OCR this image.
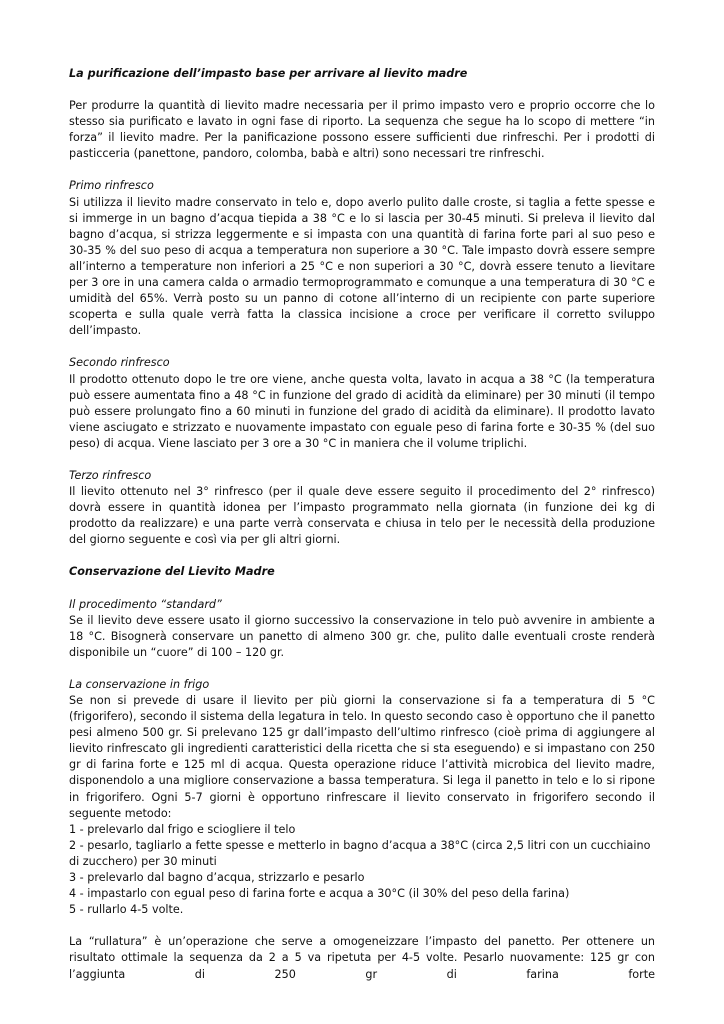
La purificazione dell’impasto base per arrivare al lievito madre

Per produrre la quantità di lievito madre necessaria per il primo impasto vero e proprio occorre che lo stesso sia purificato e lavato in ogni fase di riporto. La sequenza che segue ha lo scopo di mettere “in forza” il lievito madre. Per la panificazione possono essere sufficienti due rinfreschi. Per i prodotti di pasticceria (panettone, pandoro, colomba, babà e altri) sono necessari tre rinfreschi.

Primo rinfresco

Si utilizza il lievito madre conservato in telo e, dopo averlo pulito dalle croste, si taglia a fette spesse e si immerge in un bagno d’acqua tiepida a 38 °C e lo si lascia per 30-45 minuti. Si preleva il lievito dal bagno d’acqua, si strizza leggermente e si impasta con una quantità di farina forte pari al suo peso e 30-35 % del suo peso di acqua a temperatura non superiore a 30 °C. Tale impasto dovrà essere sempre all’interno a temperature non inferiori a 25 °C e non superiori a 30 °C, dovrà essere tenuto a lievitare per 3 ore in una camera calda o armadio termoprogrammato e comunque a una temperatura di 30 °C e umidità del 65%. Verrà posto su un panno di cotone all’interno di un recipiente con parte superiore scoperta e sulla quale verrà fatta la classica incisione a croce per verificare il corretto sviluppo dell’impasto.

Secondo rinfresco

Il prodotto ottenuto dopo le tre ore viene, anche questa volta, lavato in acqua a 38 °C (la temperatura può essere aumentata fino a 48 °C in funzione del grado di acidità da eliminare) per 30 minuti (il tempo può essere prolungato fino a 60 minuti in funzione del grado di acidità da eliminare). Il prodotto lavato viene asciugato e strizzato e nuovamente impastato con eguale peso di farina forte e 30-35 % (del suo peso) di acqua. Viene lasciato per 3 ore a 30 °C in maniera che il volume triplichi.

Terzo rinfresco

Il lievito ottenuto nel 3° rinfresco (per il quale deve essere seguito il procedimento del 2° rinfresco) dovrà essere in quantità idonea per l’impasto programmato nella giornata (in funzione dei kg di prodotto da realizzare) e una parte verrà conservata e chiusa in telo per le necessità della produzione del giorno seguente e così via per gli altri giorni.

Conservazione del Lievito Madre

Il procedimento “standard”

Se il lievito deve essere usato il giorno successivo la conservazione in telo può avvenire in ambiente a 18 °C. Bisognerà conservare un panetto di almeno 300 gr. che, pulito dalle eventuali croste renderà disponibile un “cuore” di 100 – 120 gr.

La conservazione in frigo

Se non si prevede di usare il lievito per più giorni la conservazione si fa a temperatura di 5 °C (frigorifero), secondo il sistema della legatura in telo. In questo secondo caso è opportuno che il panetto pesi almeno 500 gr. Si prelevano 125 gr dall’impasto dell’ultimo rinfresco (cioè prima di aggiungere al lievito rinfrescato gli ingredienti caratteristici della ricetta che si sta eseguendo) e si impastano con 250 gr di farina forte e 125 ml di acqua. Questa operazione riduce l’attività microbica del lievito madre, disponendolo a una migliore conservazione a bassa temperatura. Si lega il panetto in telo e lo si ripone in frigorifero. Ogni 5-7 giorni è opportuno rinfrescare il lievito conservato in frigorifero secondo il seguente metodo:

1 - prelevarlo dal frigo e sciogliere il telo

2 - pesarlo, tagliarlo a fette spesse e metterlo in bagno d’acqua a 38°C (circa 2,5 litri con un cucchiaino di zucchero) per 30 minuti

3 - prelevarlo dal bagno d’acqua, strizzarlo e pesarlo

4 - impastarlo con egual peso di farina forte e acqua a 30°C (il 30% del peso della farina)

5 - rullarlo 4-5 volte.

La “rullatura” è un’operazione che serve a omogeneizzare l’impasto del panetto. Per ottenere un risultato ottimale la sequenza da 2 a 5 va ripetuta per 4-5 volte. Pesarlo nuovamente: 125 gr con l’aggiunta di 250 gr di farina forte
